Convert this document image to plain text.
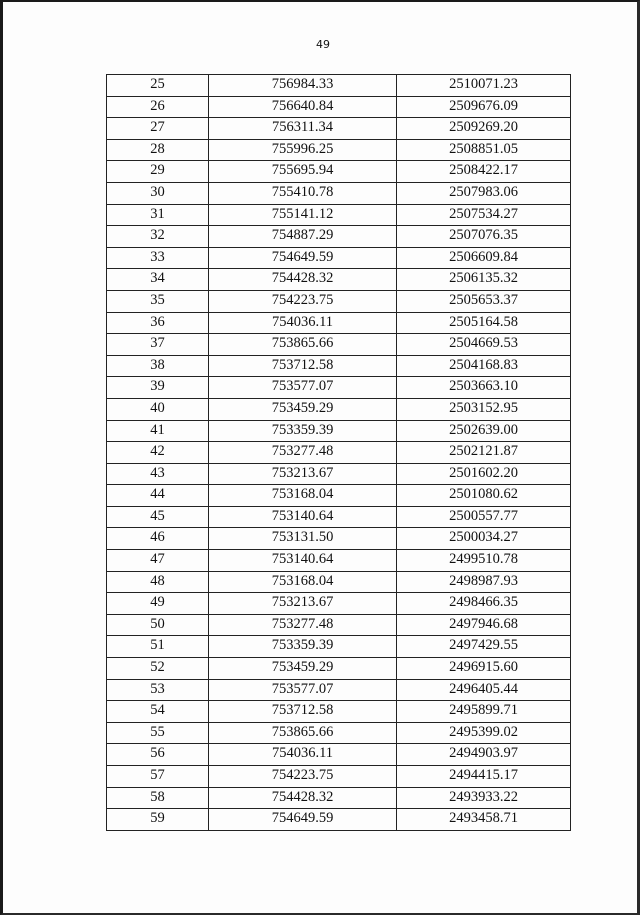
49
25	756984.33	2510071.23
26	756640.84	2509676.09
27	756311.34	2509269.20
28	755996.25	2508851.05
29	755695.94	2508422.17
30	755410.78	2507983.06
31	755141.12	2507534.27
32	754887.29	2507076.35
33	754649.59	2506609.84
34	754428.32	2506135.32
35	754223.75	2505653.37
36	754036.11	2505164.58
37	753865.66	2504669.53
38	753712.58	2504168.83
39	753577.07	2503663.10
40	753459.29	2503152.95
41	753359.39	2502639.00
42	753277.48	2502121.87
43	753213.67	2501602.20
44	753168.04	2501080.62
45	753140.64	2500557.77
46	753131.50	2500034.27
47	753140.64	2499510.78
48	753168.04	2498987.93
49	753213.67	2498466.35
50	753277.48	2497946.68
51	753359.39	2497429.55
52	753459.29	2496915.60
53	753577.07	2496405.44
54	753712.58	2495899.71
55	753865.66	2495399.02
56	754036.11	2494903.97
57	754223.75	2494415.17
58	754428.32	2493933.22
59	754649.59	2493458.71
